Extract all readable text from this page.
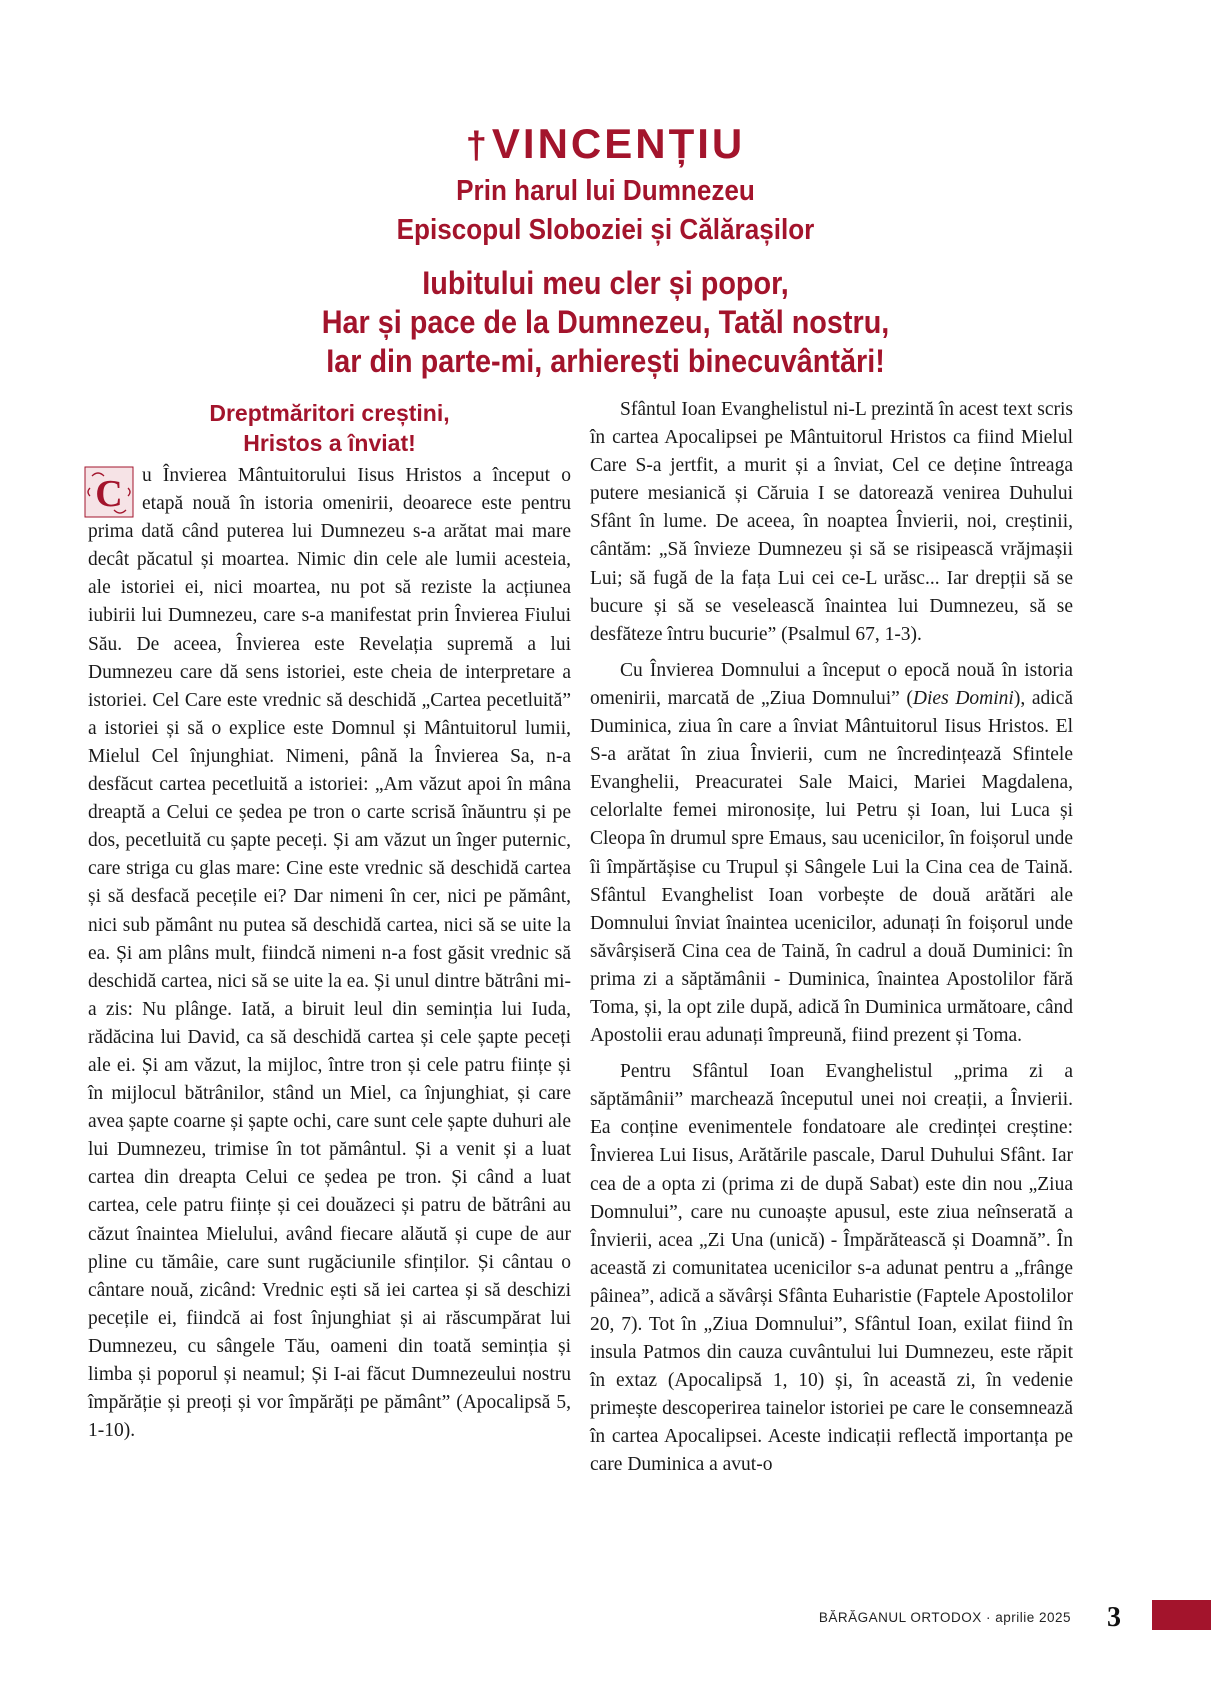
†VINCENȚIU
Prin harul lui Dumnezeu
Episcopul Sloboziei și Călărașilor
Iubitului meu cler și popor,
Har și pace de la Dumnezeu, Tatăl nostru,
Iar din parte-mi, arhierești binecuvântări!
Dreptmăritori creștini,
Hristos a înviat!

C u Învierea Mântuitorului Iisus Hristos a început o etapă nouă în istoria omenirii, deoarece este pentru prima dată când puterea lui Dumnezeu s-a arătat mai mare decât păcatul și moartea. Nimic din cele ale lumii acesteia, ale istoriei ei, nici moartea, nu pot să reziste la acțiunea iubirii lui Dumnezeu, care s-a manifestat prin Învierea Fiului Său. De aceea, Învierea este Revelația supremă a lui Dumnezeu care dă sens istoriei, este cheia de interpretare a istoriei. Cel Care este vrednic să deschidă „Cartea pecetluită” a istoriei și să o explice este Domnul și Mântuitorul lumii, Mielul Cel înjunghiat. Nimeni, până la Învierea Sa, n-a desfăcut cartea pecetluită a istoriei: „Am văzut apoi în mâna dreaptă a Celui ce ședea pe tron o carte scrisă înăuntru și pe dos, pecetluită cu șapte peceți. Și am văzut un înger puternic, care striga cu glas mare: Cine este vrednic să deschidă cartea și să desfacă pecețile ei? Dar nimeni în cer, nici pe pământ, nici sub pământ nu putea să deschidă cartea, nici să se uite la ea. Și am plâns mult, fiindcă nimeni n-a fost găsit vrednic să deschidă cartea, nici să se uite la ea. Și unul dintre bătrâni mi-a zis: Nu plânge. Iată, a biruit leul din seminția lui Iuda, rădăcina lui David, ca să deschidă cartea și cele șapte peceți ale ei. Și am văzut, la mijloc, între tron și cele patru ființe și în mijlocul bătrânilor, stând un Miel, ca înjunghiat, și care avea șapte coarne și șapte ochi, care sunt cele șapte duhuri ale lui Dumnezeu, trimise în tot pământul. Și a venit și a luat cartea din dreapta Celui ce ședea pe tron. Și când a luat cartea, cele patru ființe și cei douăzeci și patru de bătrâni au căzut înaintea Mielului, având fiecare alăută și cupe de aur pline cu tămâie, care sunt rugăciunile sfinților. Și cântau o cântare nouă, zicând: Vrednic ești să iei cartea și să deschizi pecețile ei, fiindcă ai fost înjunghiat și ai răscumpărat lui Dumnezeu, cu sângele Tău, oameni din toată seminția și limba și poporul și neamul; Și I-ai făcut Dumnezeului nostru împărăție și preoți și vor împărăți pe pământ” (Apocalipsă 5, 1-10).

Sfântul Ioan Evanghelistul ni-L prezintă în acest text scris în cartea Apocalipsei pe Mântuitorul Hristos ca fiind Mielul Care S-a jertfit, a murit și a înviat, Cel ce deține întreaga putere mesianică și Căruia I se datorează venirea Duhului Sfânt în lume. De aceea, în noaptea Învierii, noi, creștinii, cântăm: „Să învieze Dumnezeu și să se risipească vrăjmașii Lui; să fugă de la fața Lui cei ce-L urăsc... Iar drepții să se bucure și să se veselească înaintea lui Dumnezeu, să se desfăteze întru bucurie” (Psalmul 67, 1-3).

Cu Învierea Domnului a început o epocă nouă în istoria omenirii, marcată de „Ziua Domnului” (Dies Domini), adică Duminica, ziua în care a înviat Mântuitorul Iisus Hristos. El S-a arătat în ziua Învierii, cum ne încredințează Sfintele Evanghelii, Preacuratei Sale Maici, Mariei Magdalena, celorlalte femei mironosițe, lui Petru și Ioan, lui Luca și Cleopa în drumul spre Emaus, sau ucenicilor, în foișorul unde îi împărtășise cu Trupul și Sângele Lui la Cina cea de Taină. Sfântul Evanghelist Ioan vorbește de două arătări ale Domnului înviat înaintea ucenicilor, adunați în foișorul unde săvârșiseră Cina cea de Taină, în cadrul a două Duminici: în prima zi a săptămânii - Duminica, înaintea Apostolilor fără Toma, și, la opt zile după, adică în Duminica următoare, când Apostolii erau adunați împreună, fiind prezent și Toma.

Pentru Sfântul Ioan Evanghelistul „prima zi a săptămânii” marchează începutul unei noi creații, a Învierii. Ea conține evenimentele fondatoare ale credinței creștine: Învierea Lui Iisus, Arătările pascale, Darul Duhului Sfânt. Iar cea de a opta zi (prima zi de după Sabat) este din nou „Ziua Domnului”, care nu cunoaște apusul, este ziua neînserată a Învierii, acea „Zi Una (unică) - Împărătească și Doamnă”. În această zi comunitatea ucenicilor s-a adunat pentru a „frânge pâinea”, adică a săvârși Sfânta Euharistie (Faptele Apostolilor 20, 7). Tot în „Ziua Domnului”, Sfântul Ioan, exilat fiind în insula Patmos din cauza cuvântului lui Dumnezeu, este răpit în extaz (Apocalipsă 1, 10) și, în această zi, în vedenie primește descoperirea tainelor istoriei pe care le consemnează în cartea Apocalipsei. Aceste indicații reflectă importanța pe care Duminica a avut-o

BĂRĂGANUL ORTODOX · aprilie 2025 3
